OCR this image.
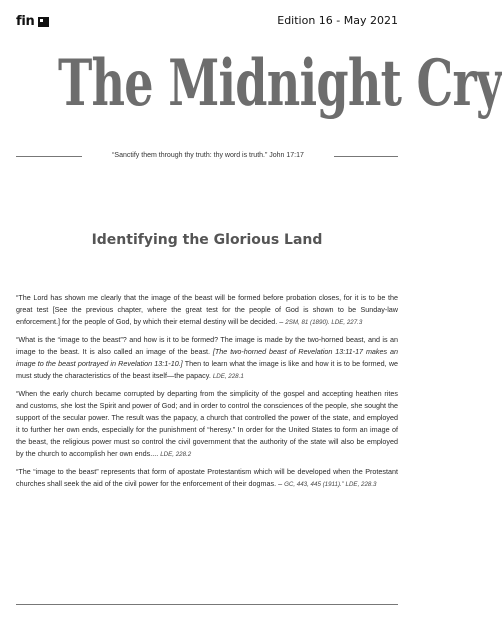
fin	Edition 16 - May 2021
The Midnight Cry
“Sanctify them through thy truth: thy word is truth.” John 17:17
Identifying the Glorious Land

“The Lord has shown me clearly that the image of the beast will be formed before probation closes, for it is to be the great test [See the previous chapter, where the great test for the people of God is shown to be Sunday-law enforcement.] for the people of God, by which their eternal destiny will be decided. – 2SM, 81 (1890). LDE, 227.3

“What is the “image to the beast”? and how is it to be formed? The image is made by the two-horned beast, and is an image to the beast. It is also called an image of the beast. [The two-horned beast of Revelation 13:11-17 makes an image to the beast portrayed in Revelation 13:1-10.] Then to learn what the image is like and how it is to be formed, we must study the characteristics of the beast itself—the papacy. LDE, 228.1

“When the early church became corrupted by departing from the simplicity of the gospel and accepting heathen rites and customs, she lost the Spirit and power of God; and in order to control the consciences of the people, she sought the support of the secular power. The result was the papacy, a church that controlled the power of the state, and employed it to further her own ends, especially for the punishment of “heresy.” In order for the United States to form an image of the beast, the religious power must so control the civil government that the authority of the state will also be employed by the church to accomplish her own ends.... LDE, 228.2

“The “image to the beast” represents that form of apostate Protestantism which will be developed when the Protestant churches shall seek the aid of the civil power for the enforcement of their dogmas. – GC, 443, 445 (1911).” LDE, 228.3
